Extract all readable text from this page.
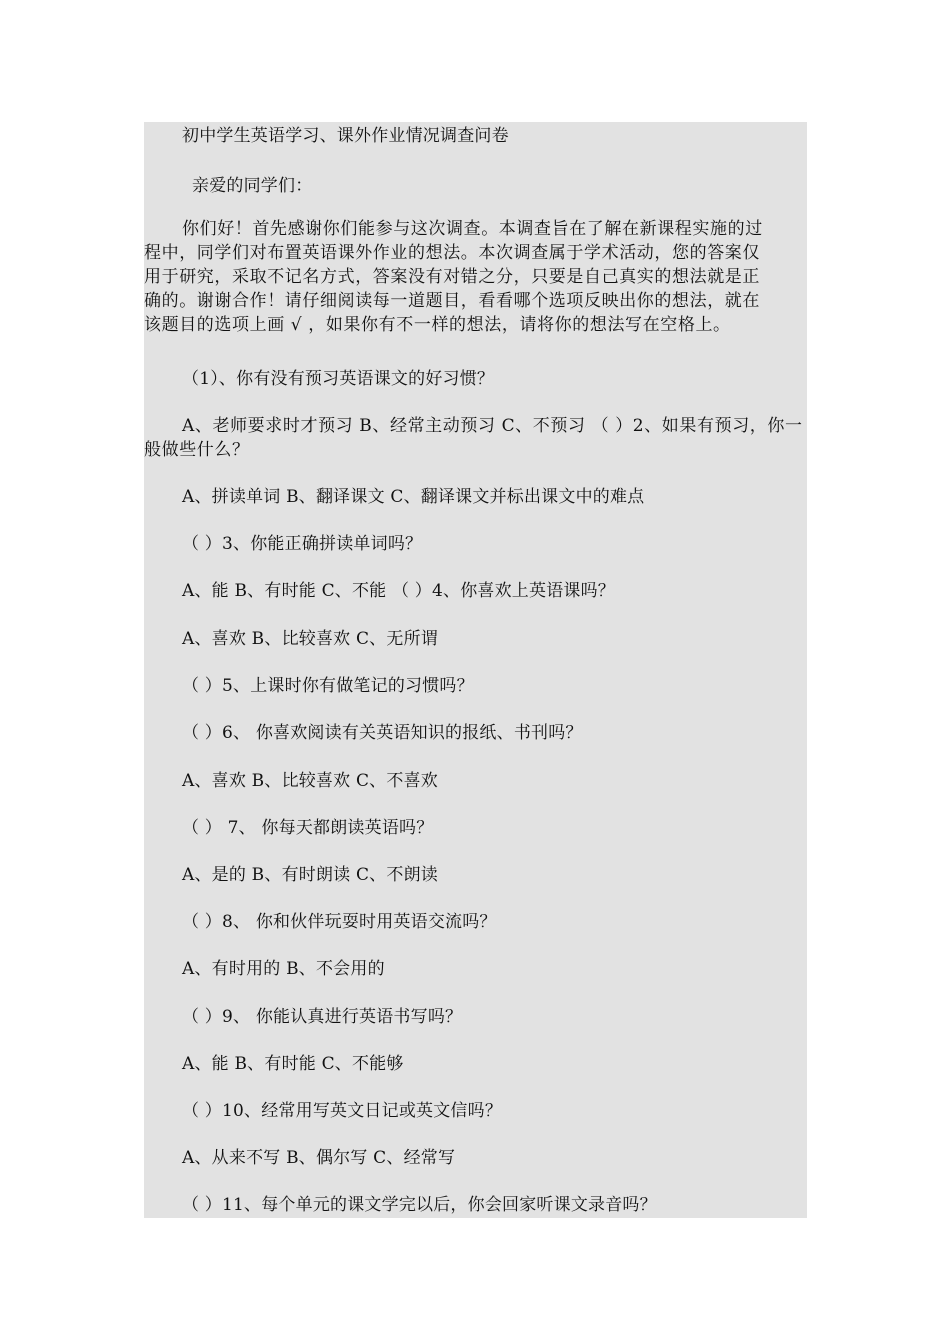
初中学生英语学习、课外作业情况调查问卷
亲爱的同学们：
你们好！首先感谢你们能参与这次调查。本调查旨在了解在新课程实施的过
程中，同学们对布置英语课外作业的想法。本次调查属于学术活动，您的答案仅
用于研究，采取不记名方式，答案没有对错之分，只要是自己真实的想法就是正
确的。谢谢合作！请仔细阅读每一道题目，看看哪个选项反映出你的想法，就在
该题目的选项上画 √ ，如果你有不一样的想法，请将你的想法写在空格上。
（1）、你有没有预习英语课文的好习惯？
A、老师要求时才预习 B、经常主动预习 C、不预习 （ ）2、如果有预习，你一
般做些什么？
A、拼读单词 B、翻译课文 C、翻译课文并标出课文中的难点
（ ）3、你能正确拼读单词吗？
A、能 B、有时能 C、不能 （ ）4、你喜欢上英语课吗？
A、喜欢 B、比较喜欢 C、无所谓
（ ）5、上课时你有做笔记的习惯吗？
（ ）6、 你喜欢阅读有关英语知识的报纸、书刊吗？
A、喜欢 B、比较喜欢 C、不喜欢
（ ） 7、 你每天都朗读英语吗？
A、是的 B、有时朗读 C、不朗读
（ ）8、 你和伙伴玩耍时用英语交流吗？
A、有时用的 B、不会用的
（ ）9、 你能认真进行英语书写吗？
A、能 B、有时能 C、不能够
（ ）10、经常用写英文日记或英文信吗？
A、从来不写 B、偶尔写 C、经常写
（ ）11、每个单元的课文学完以后，你会回家听课文录音吗？
